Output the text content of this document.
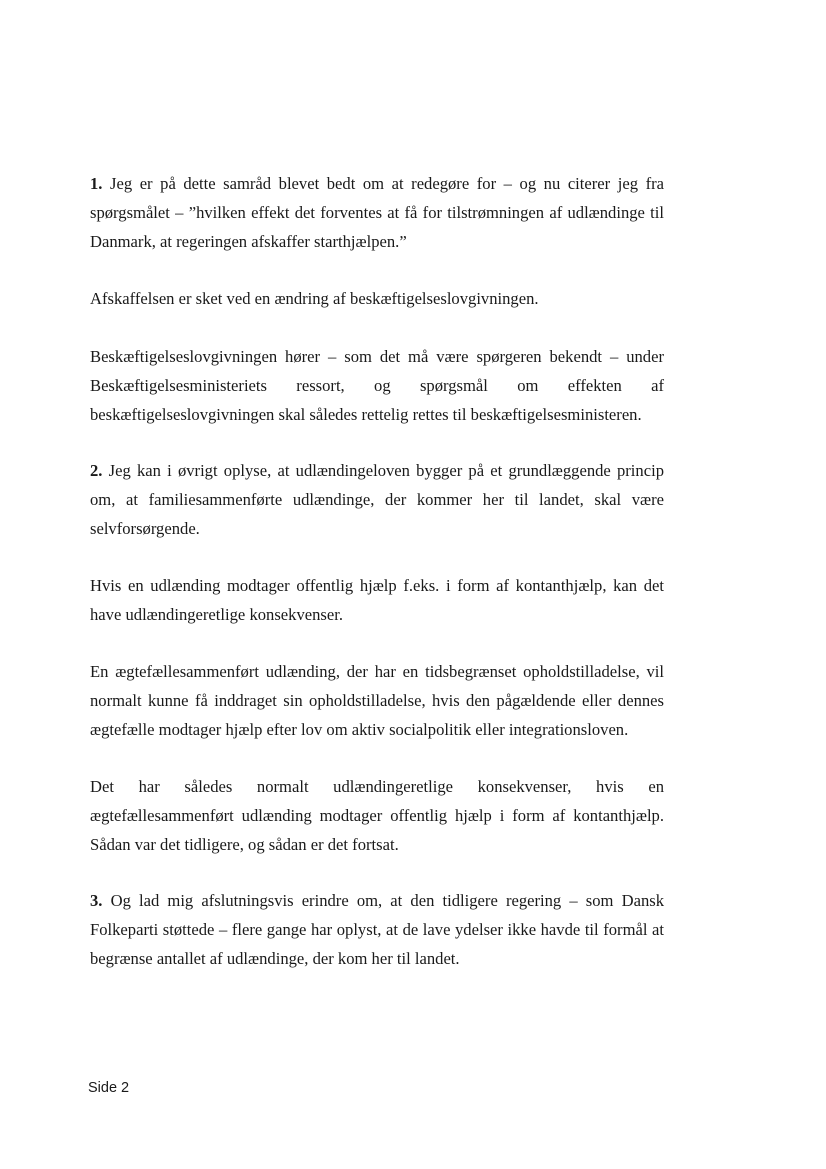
1. Jeg er på dette samråd blevet bedt om at redegøre for – og nu citerer jeg fra spørgsmålet – ”hvilken effekt det forventes at få for tilstrømningen af udlændinge til Danmark, at regeringen afskaffer starthjælpen.”

Afskaffelsen er sket ved en ændring af beskæftigelseslovgivningen.

Beskæftigelseslovgivningen hører – som det må være spørgeren bekendt – under Beskæftigelsesministeriets ressort, og spørgsmål om effekten af beskæftigelseslovgivningen skal således rettelig rettes til beskæftigelsesministeren.

2. Jeg kan i øvrigt oplyse, at udlændingeloven bygger på et grundlæggende princip om, at familiesammenførte udlændinge, der kommer her til landet, skal være selvforsørgende.

Hvis en udlænding modtager offentlig hjælp f.eks. i form af kontanthjælp, kan det have udlændingeretlige konsekvenser.

En ægtefællesammenført udlænding, der har en tidsbegrænset opholdstilladelse, vil normalt kunne få inddraget sin opholdstilladelse, hvis den pågældende eller dennes ægtefælle modtager hjælp efter lov om aktiv socialpolitik eller integrationsloven.

Det har således normalt udlændingeretlige konsekvenser, hvis en ægtefællesammenført udlænding modtager offentlig hjælp i form af kontanthjælp. Sådan var det tidligere, og sådan er det fortsat.

3. Og lad mig afslutningsvis erindre om, at den tidligere regering – som Dansk Folkeparti støttede – flere gange har oplyst, at de lave ydelser ikke havde til formål at begrænse antallet af udlændinge, der kom her til landet.

Side 2
